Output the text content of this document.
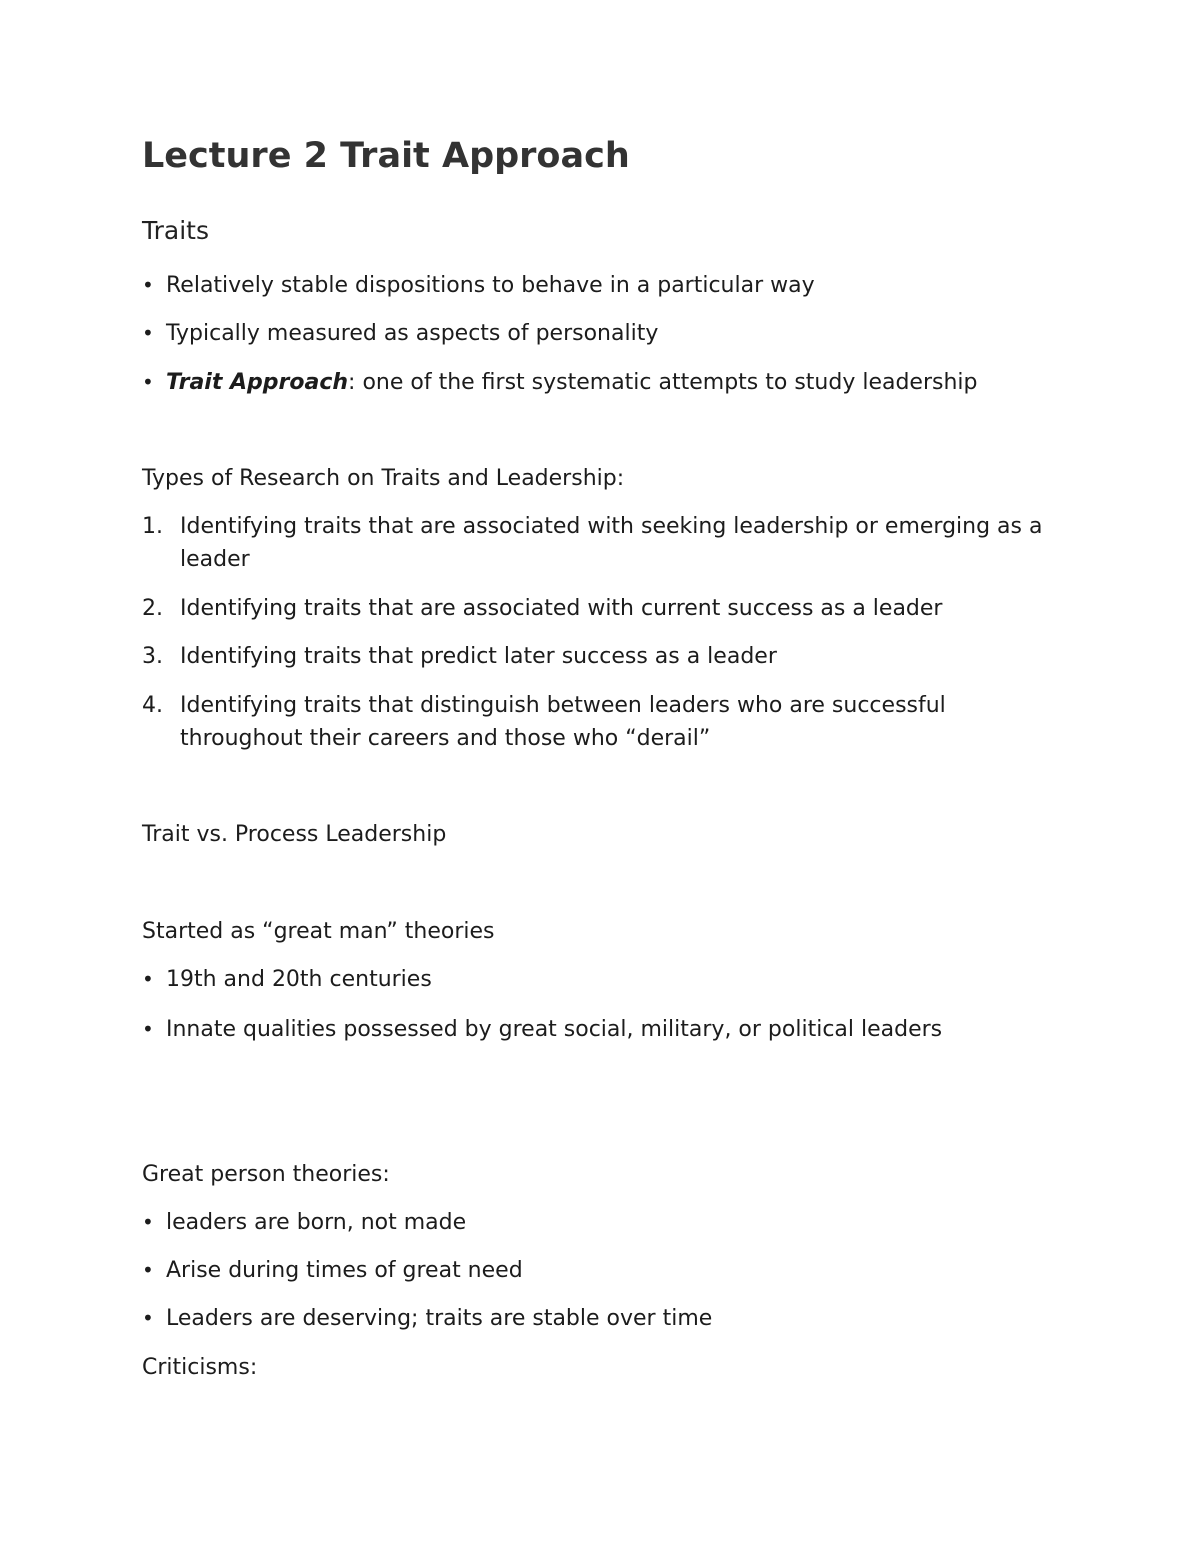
Lecture 2 Trait Approach

Traits

• Relatively stable dispositions to behave in a particular way

• Typically measured as aspects of personality

• Trait Approach: one of the first systematic attempts to study leadership

Types of Research on Traits and Leadership:

1. Identifying traits that are associated with seeking leadership or emerging as a leader
2. Identifying traits that are associated with current success as a leader
3. Identifying traits that predict later success as a leader
4. Identifying traits that distinguish between leaders who are successful throughout their careers and those who “derail”

Trait vs. Process Leadership

Started as “great man” theories

• 19th and 20th centuries

• Innate qualities possessed by great social, military, or political leaders

Great person theories:

• leaders are born, not made

• Arise during times of great need

• Leaders are deserving; traits are stable over time

Criticisms:
